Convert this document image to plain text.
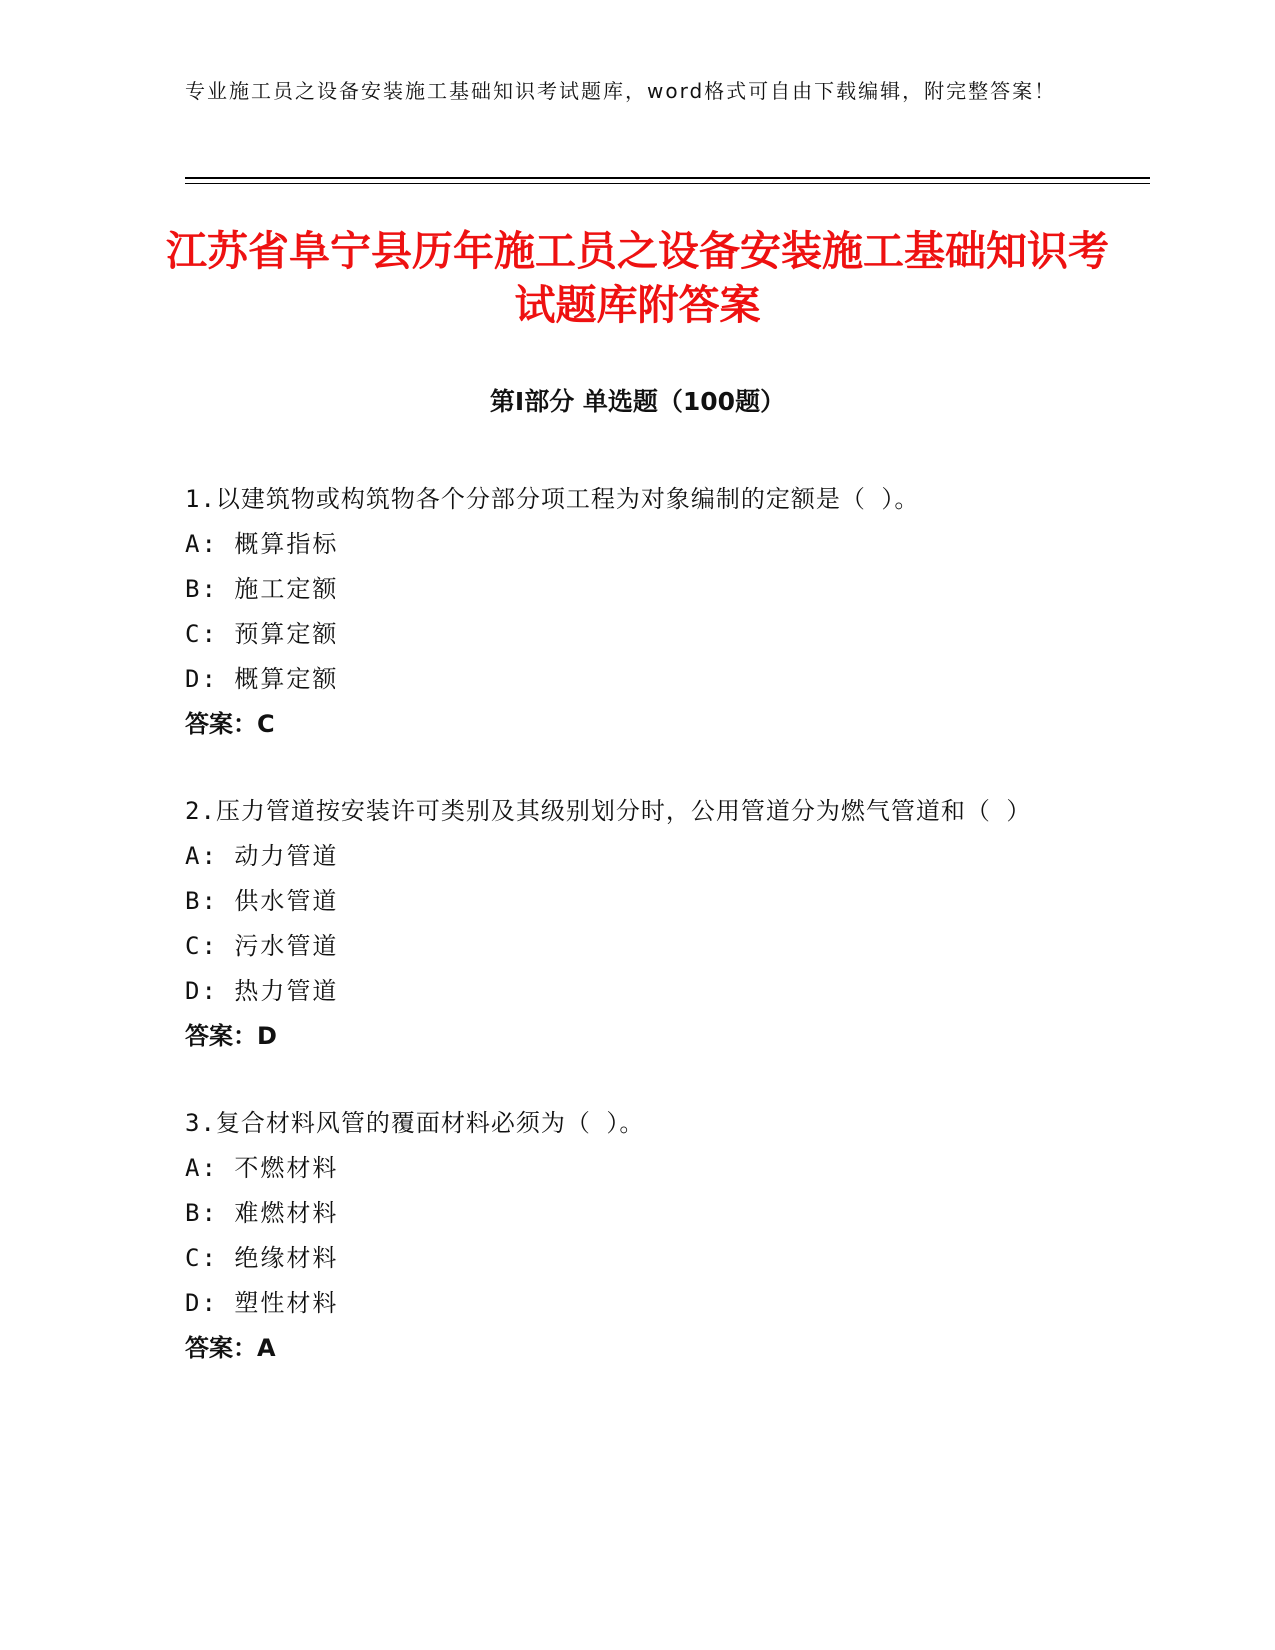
专业施工员之设备安装施工基础知识考试题库，word格式可自由下载编辑，附完整答案！
江苏省阜宁县历年施工员之设备安装施工基础知识考试题库附答案
第Ⅰ部分 单选题（100题）
1.以建筑物或构筑物各个分部分项工程为对象编制的定额是（ ）。
A: 概算指标
B: 施工定额
C: 预算定额
D: 概算定额
答案：C
2.压力管道按安装许可类别及其级别划分时，公用管道分为燃气管道和（ ）
A: 动力管道
B: 供水管道
C: 污水管道
D: 热力管道
答案：D
3.复合材料风管的覆面材料必须为（ ）。
A: 不燃材料
B: 难燃材料
C: 绝缘材料
D: 塑性材料
答案：A
